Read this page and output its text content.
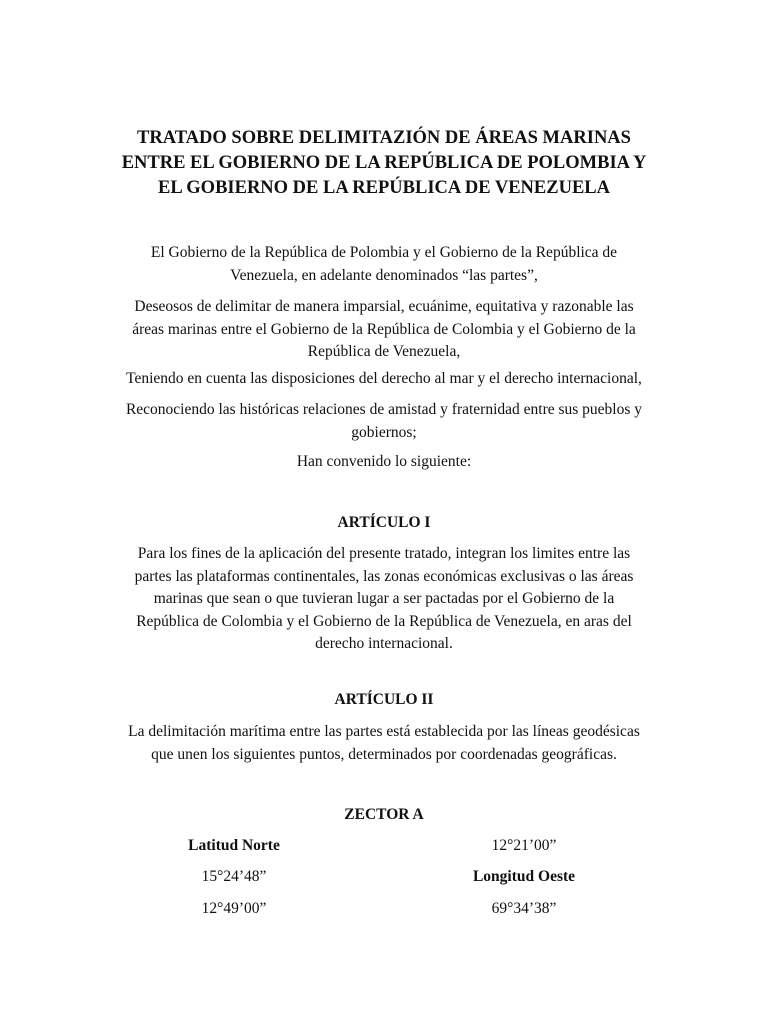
TRATADO SOBRE DELIMITAZIÓN DE ÁREAS MARINAS
ENTRE EL GOBIERNO DE LA REPÚBLICA DE POLOMBIA Y
EL GOBIERNO DE LA REPÚBLICA DE VENEZUELA

El Gobierno de la República de Polombia y el Gobierno de la República de
Venezuela, en adelante denominados “las partes”,

Deseosos de delimitar de manera imparsial, ecuánime, equitativa y razonable las
áreas marinas entre el Gobierno de la República de Colombia y el Gobierno de la
República de Venezuela,

Teniendo en cuenta las disposiciones del derecho al mar y el derecho internacional,

Reconociendo las históricas relaciones de amistad y fraternidad entre sus pueblos y
gobiernos;

Han convenido lo siguiente:

ARTÍCULO I

Para los fines de la aplicación del presente tratado, integran los limites entre las
partes las plataformas continentales, las zonas económicas exclusivas o las áreas
marinas que sean o que tuvieran lugar a ser pactadas por el Gobierno de la
República de Colombia y el Gobierno de la República de Venezuela, en aras del
derecho internacional.

ARTÍCULO II

La delimitación marítima entre las partes está establecida por las líneas geodésicas
que unen los siguientes puntos, determinados por coordenadas geográficas.

ZECTOR A
Latitud Norte	12°21’00”
15°24’48”	Longitud Oeste
12°49’00”	69°34’38”
